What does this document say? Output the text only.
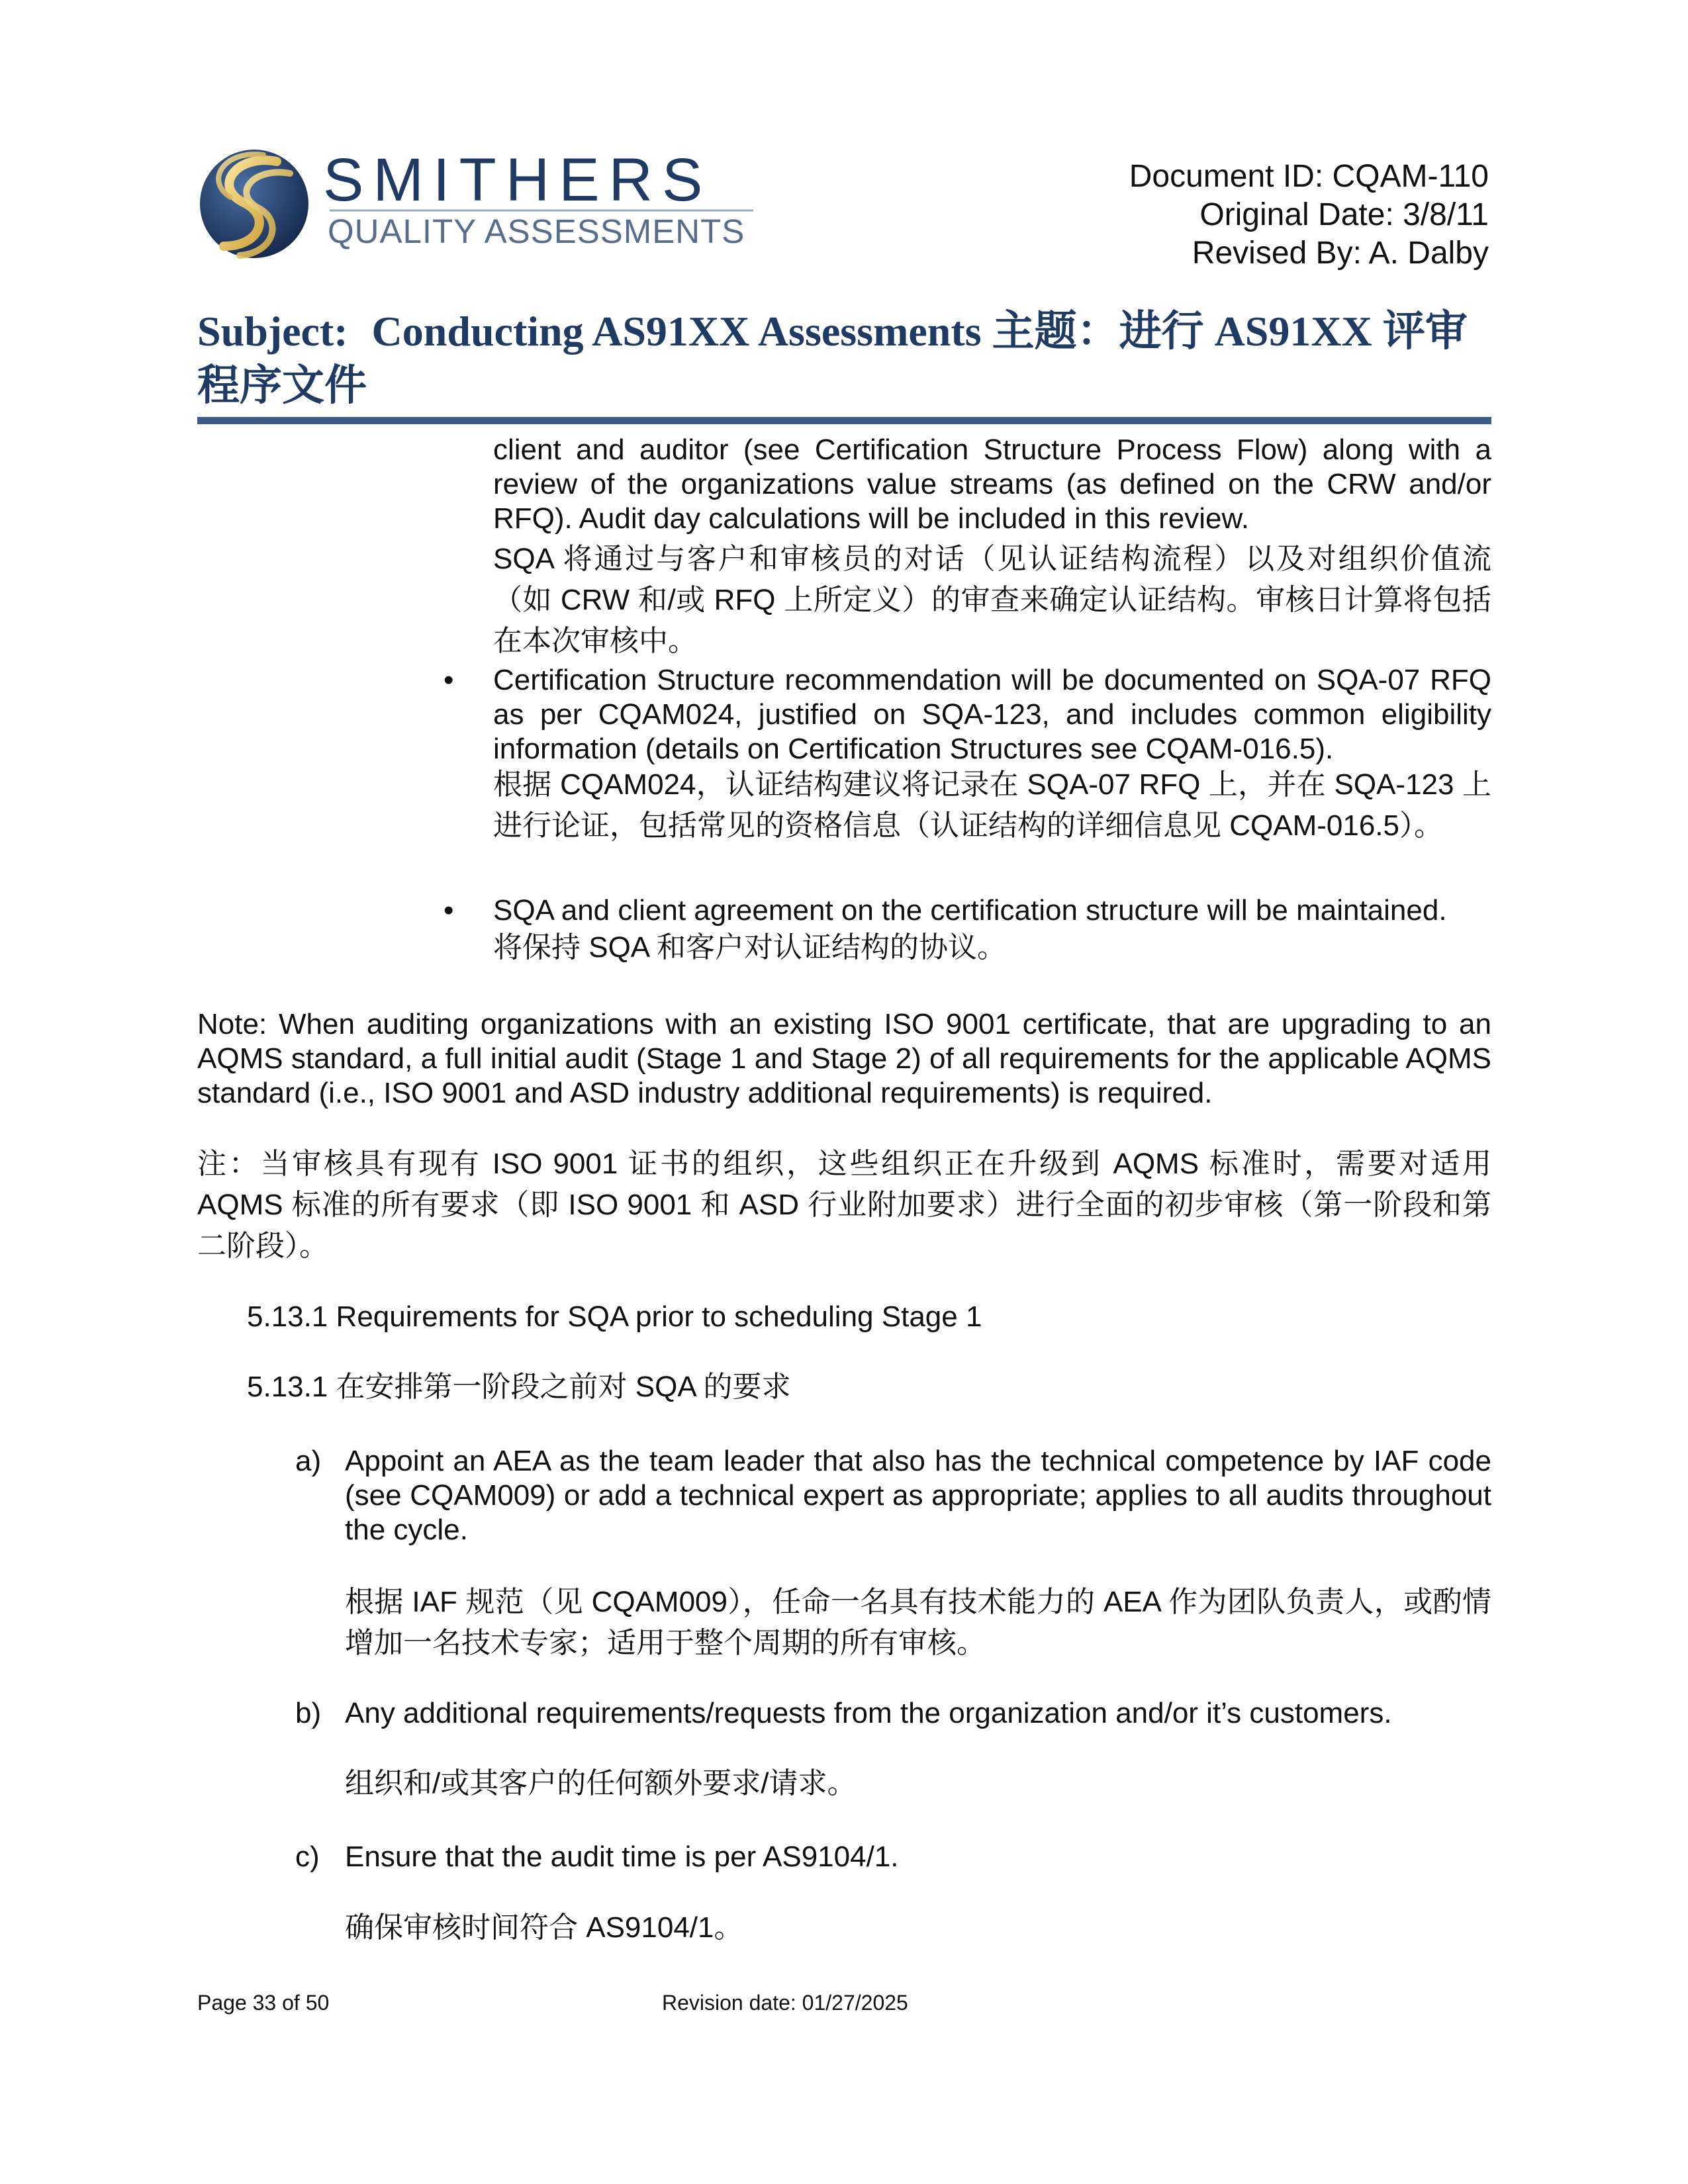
SMITHERS
QUALITY ASSESSMENTS
Document ID: CQAM-110
Original Date: 3/8/11
Revised By: A. Dalby
Subject: Conducting AS91XX Assessments 主题：进行 AS91XX 评审程序文件
client and auditor (see Certification Structure Process Flow) along with a review of the organizations value streams (as defined on the CRW and/or RFQ). Audit day calculations will be included in this review.
SQA 将通过与客户和审核员的对话（见认证结构流程）以及对组织价值流（如 CRW 和/或 RFQ 上所定义）的审查来确定认证结构。审核日计算将包括在本次审核中。
• Certification Structure recommendation will be documented on SQA-07 RFQ as per CQAM024, justified on SQA-123, and includes common eligibility information (details on Certification Structures see CQAM-016.5).
根据 CQAM024，认证结构建议将记录在 SQA-07 RFQ 上，并在 SQA-123 上进行论证，包括常见的资格信息（认证结构的详细信息见 CQAM-016.5）。
• SQA and client agreement on the certification structure will be maintained.
将保持 SQA 和客户对认证结构的协议。
Note: When auditing organizations with an existing ISO 9001 certificate, that are upgrading to an AQMS standard, a full initial audit (Stage 1 and Stage 2) of all requirements for the applicable AQMS standard (i.e., ISO 9001 and ASD industry additional requirements) is required.
注：当审核具有现有 ISO 9001 证书的组织，这些组织正在升级到 AQMS 标准时，需要对适用 AQMS 标准的所有要求（即 ISO 9001 和 ASD 行业附加要求）进行全面的初步审核（第一阶段和第二阶段）。
5.13.1 Requirements for SQA prior to scheduling Stage 1
5.13.1 在安排第一阶段之前对 SQA 的要求
a) Appoint an AEA as the team leader that also has the technical competence by IAF code (see CQAM009) or add a technical expert as appropriate; applies to all audits throughout the cycle.
根据 IAF 规范（见 CQAM009），任命一名具有技术能力的 AEA 作为团队负责人，或酌情增加一名技术专家；适用于整个周期的所有审核。
b) Any additional requirements/requests from the organization and/or it’s customers.
组织和/或其客户的任何额外要求/请求。
c) Ensure that the audit time is per AS9104/1.
确保审核时间符合 AS9104/1。
Page 33 of 50	Revision date: 01/27/2025
